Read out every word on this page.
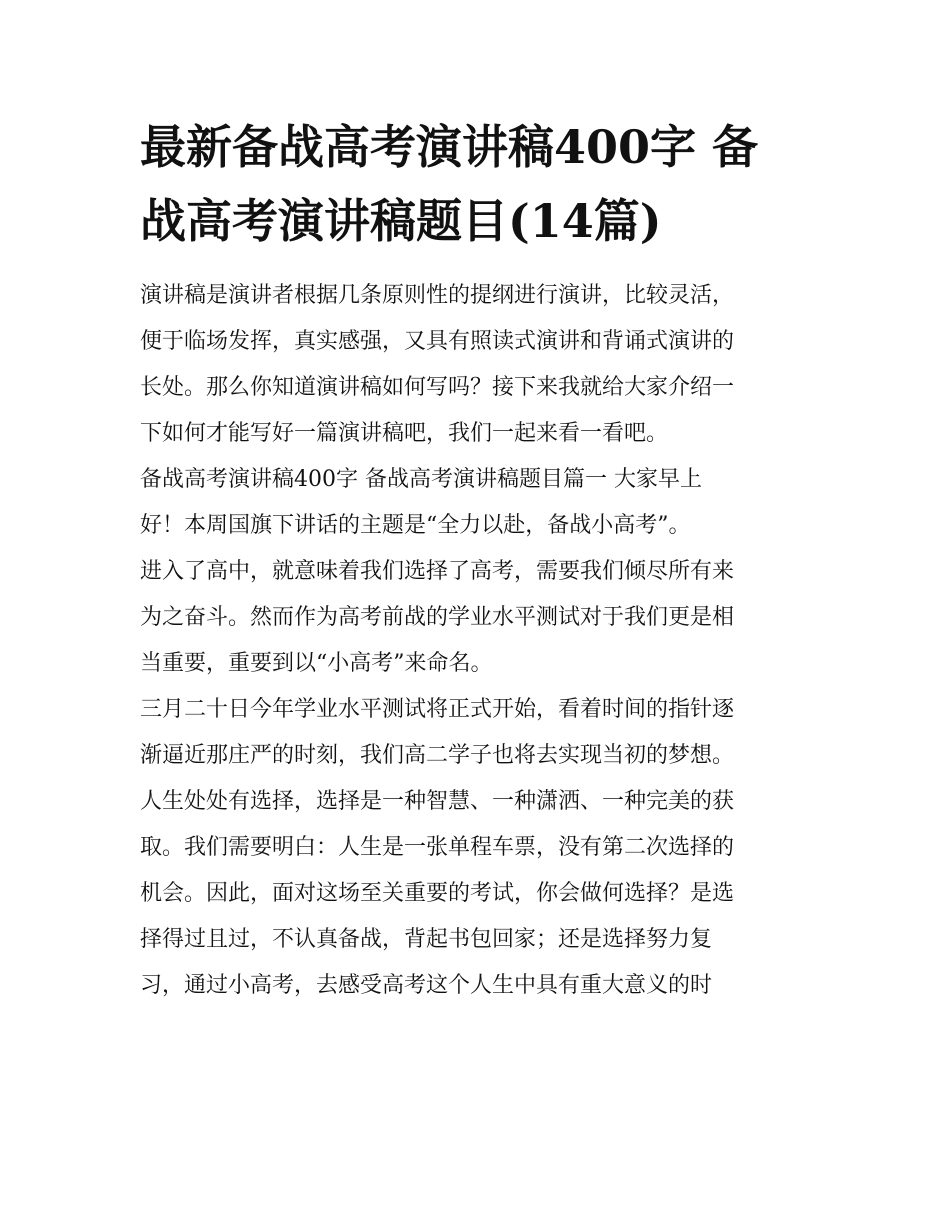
最新备战高考演讲稿400字 备
战高考演讲稿题目(14篇)

演讲稿是演讲者根据几条原则性的提纲进行演讲，比较灵活，

便于临场发挥，真实感强，又具有照读式演讲和背诵式演讲的

长处。那么你知道演讲稿如何写吗？接下来我就给大家介绍一

下如何才能写好一篇演讲稿吧，我们一起来看一看吧。

备战高考演讲稿400字 备战高考演讲稿题目篇一 大家早上

好！本周国旗下讲话的主题是“全力以赴，备战小高考”。

进入了高中，就意味着我们选择了高考，需要我们倾尽所有来

为之奋斗。然而作为高考前战的学业水平测试对于我们更是相

当重要，重要到以“小高考”来命名。

三月二十日今年学业水平测试将正式开始，看着时间的指针逐

渐逼近那庄严的时刻，我们高二学子也将去实现当初的梦想。

人生处处有选择，选择是一种智慧、一种潇洒、一种完美的获

取。我们需要明白：人生是一张单程车票，没有第二次选择的

机会。因此，面对这场至关重要的考试，你会做何选择？是选

择得过且过，不认真备战，背起书包回家；还是选择努力复

习，通过小高考，去感受高考这个人生中具有重大意义的时
